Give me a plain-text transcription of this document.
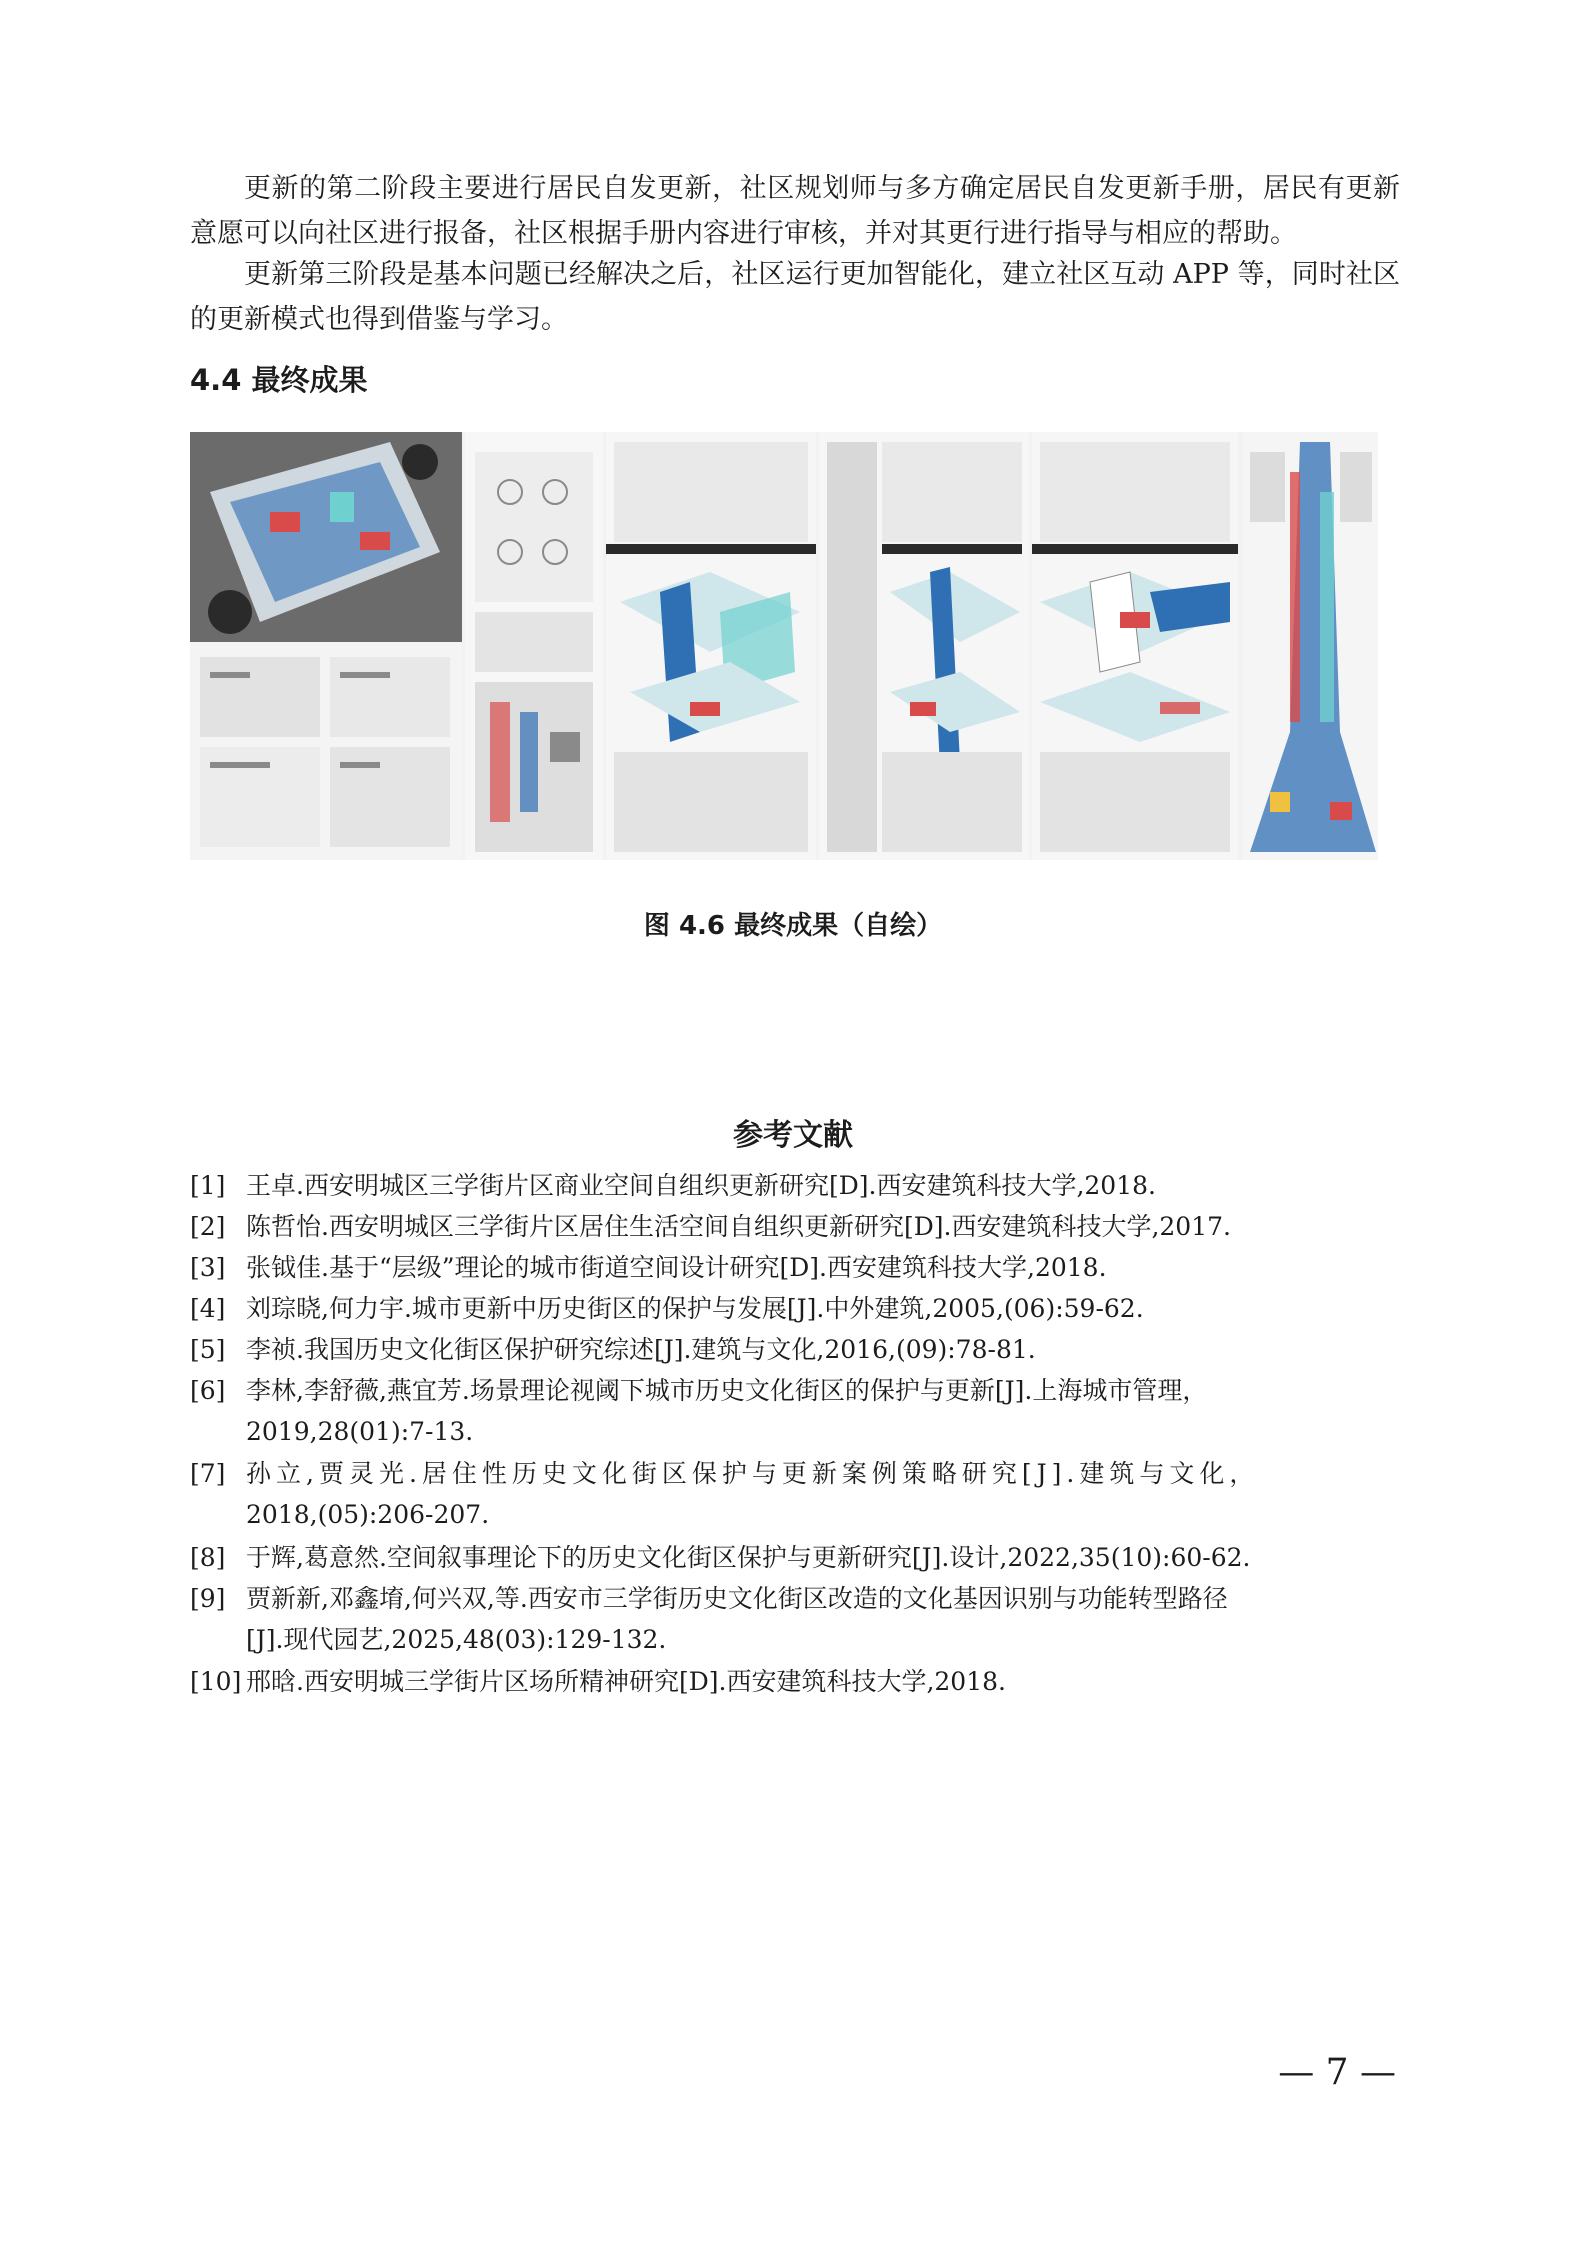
更新的第二阶段主要进行居民自发更新，社区规划师与多方确定居民自发更新手册，居民有更新意愿可以向社区进行报备，社区根据手册内容进行审核，并对其更行进行指导与相应的帮助。

更新第三阶段是基本问题已经解决之后，社区运行更加智能化，建立社区互动 APP 等，同时社区的更新模式也得到借鉴与学习。

4.4 最终成果

图 4.6 最终成果（自绘）

参考文献

[1] 王卓.西安明城区三学街片区商业空间自组织更新研究[D].西安建筑科技大学,2018.

[2] 陈哲怡.西安明城区三学街片区居住生活空间自组织更新研究[D].西安建筑科技大学,2017.

[3] 张钺佳.基于“层级”理论的城市街道空间设计研究[D].西安建筑科技大学,2018.

[4] 刘琮晓,何力宇.城市更新中历史街区的保护与发展[J].中外建筑,2005,(06):59-62.

[5] 李祯.我国历史文化街区保护研究综述[J].建筑与文化,2016,(09):78-81.

[6] 李林,李舒薇,燕宜芳.场景理论视阈下城市历史文化街区的保护与更新[J].上海城市管理，
2019,28(01):7-13.

[7] 孙立,贾灵光.居住性历史文化街区保护与更新案例策略研究[J].建筑与文化，
2018,(05):206-207.

[8] 于辉,葛意然.空间叙事理论下的历史文化街区保护与更新研究[J].设计,2022,35(10):60-62.

[9] 贾新新,邓鑫堉,何兴双,等.西安市三学街历史文化街区改造的文化基因识别与功能转型路径
[J].现代园艺,2025,48(03):129-132.

[10] 邢晗.西安明城三学街片区场所精神研究[D].西安建筑科技大学,2018.

— 7 —
